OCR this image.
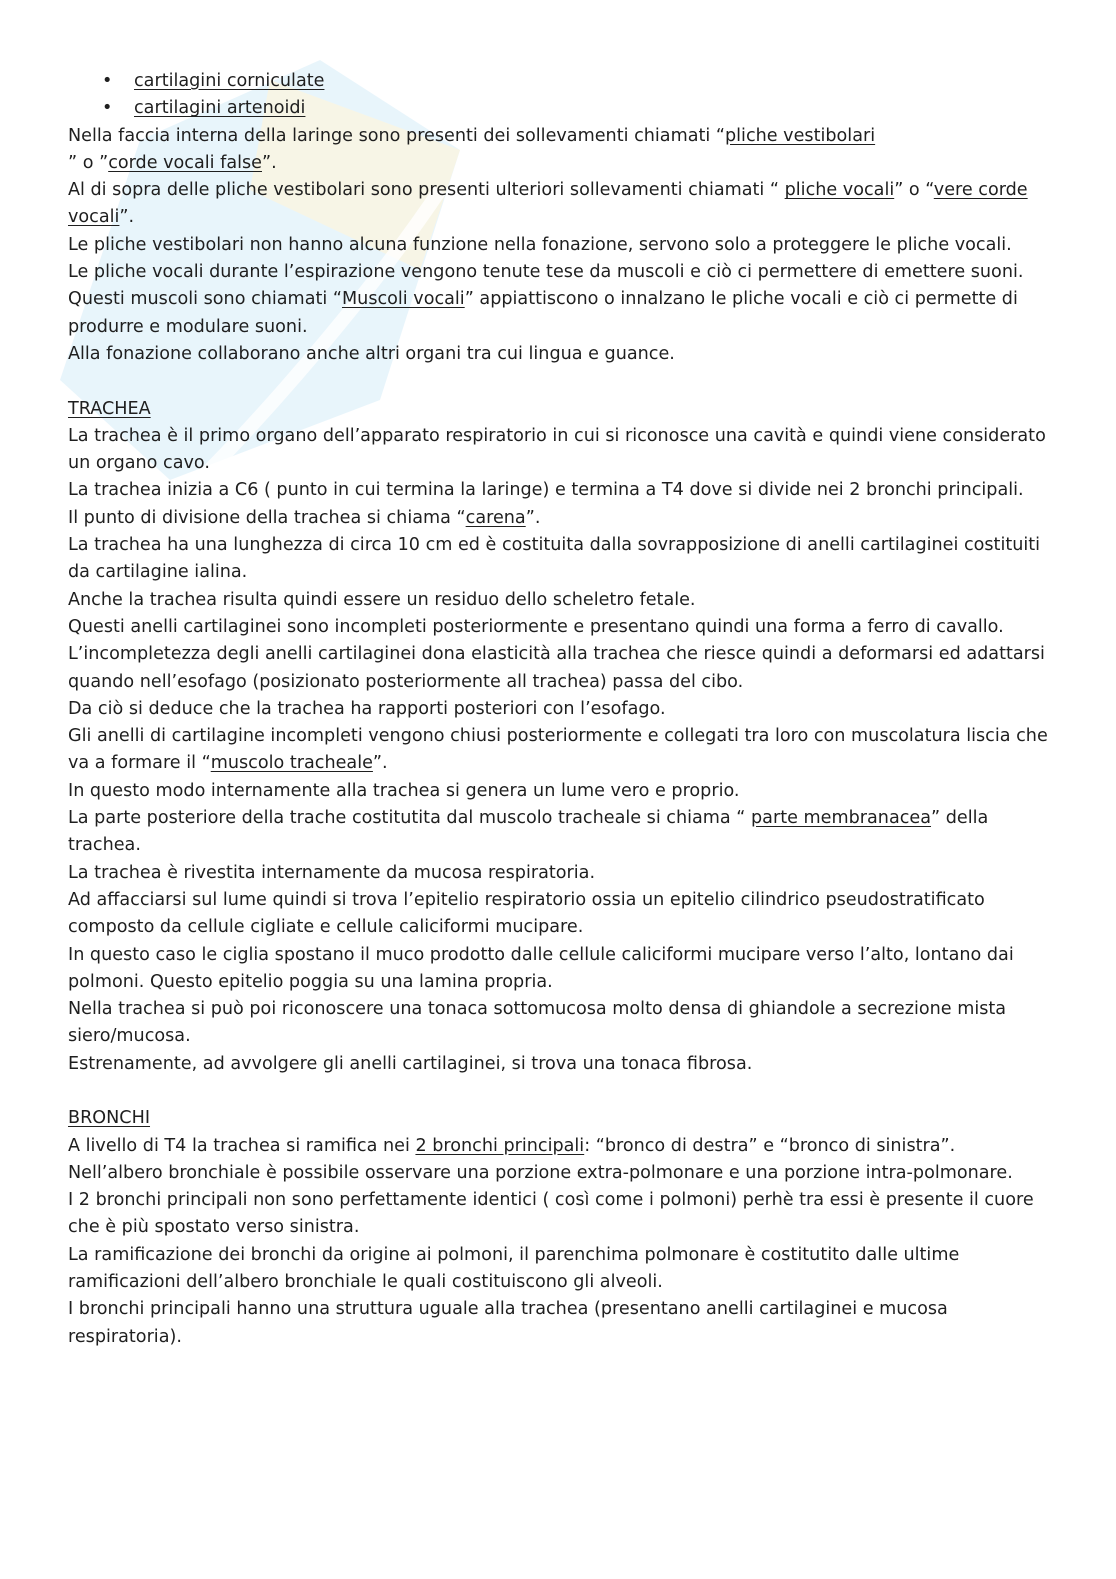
• cartilagini corniculate
• cartilagini artenoidi

Nella faccia interna della laringe sono presenti dei sollevamenti chiamati “pliche vestibolari
” o ”corde vocali false”.

Al di sopra delle pliche vestibolari sono presenti ulteriori sollevamenti chiamati “ pliche vocali” o “vere corde vocali”.

Le pliche vestibolari non hanno alcuna funzione nella fonazione, servono solo a proteggere le pliche vocali.

Le pliche vocali durante l’espirazione vengono tenute tese da muscoli e ciò ci permettere di emettere suoni.

Questi muscoli sono chiamati “Muscoli vocali” appiattiscono o innalzano le pliche vocali e ciò ci permette di produrre e modulare suoni.

Alla fonazione collaborano anche altri organi tra cui lingua e guance.

TRACHEA

La trachea è il primo organo dell’apparato respiratorio in cui si riconosce una cavità e quindi viene considerato un organo cavo.

La trachea inizia a C6 ( punto in cui termina la laringe) e termina a T4 dove si divide nei 2 bronchi principali.    Il punto di divisione della trachea si chiama “carena”.

La trachea ha una lunghezza di circa 10 cm ed è costituita dalla sovrapposizione di anelli cartilaginei costituiti da cartilagine ialina.

Anche la trachea risulta quindi essere un residuo dello scheletro fetale.

Questi anelli cartilaginei sono incompleti posteriormente e presentano quindi una forma a ferro di cavallo.

L’incompletezza degli anelli cartilaginei dona elasticità alla trachea che riesce quindi a deformarsi ed adattarsi quando nell’esofago (posizionato posteriormente all trachea) passa del cibo.

Da ciò si deduce che la trachea ha rapporti posteriori con l’esofago.

Gli anelli di cartilagine incompleti vengono chiusi posteriormente e collegati tra loro con muscolatura liscia che va a formare il “muscolo tracheale”.

In questo modo internamente alla trachea si genera un lume vero e proprio.

La parte posteriore della trache costitutita dal muscolo tracheale si chiama “ parte membranacea” della trachea.

La trachea è rivestita internamente da mucosa respiratoria.

Ad affacciarsi sul lume quindi si trova l’epitelio respiratorio ossia un epitelio cilindrico pseudostratificato composto da cellule cigliate e cellule caliciformi mucipare.

In questo caso le ciglia spostano il muco prodotto dalle cellule caliciformi mucipare verso l’alto, lontano dai polmoni. Questo epitelio poggia su una lamina propria.

Nella trachea si può poi riconoscere una tonaca sottomucosa molto densa di ghiandole a secrezione mista siero/mucosa.

Estrenamente, ad avvolgere gli anelli cartilaginei, si trova una tonaca fibrosa.

BRONCHI

A livello di T4 la trachea si ramifica nei 2 bronchi principali: “bronco di destra” e “bronco di sinistra”.

Nell’albero bronchiale è possibile osservare una porzione extra-polmonare e una porzione intra-polmonare.

I 2 bronchi principali non sono perfettamente identici ( così come i polmoni) perhè tra essi è presente il cuore che è più spostato verso sinistra.

La ramificazione dei bronchi da origine ai polmoni, il parenchima polmonare è costitutito dalle ultime ramificazioni dell’albero bronchiale le quali costituiscono gli alveoli.

I bronchi principali hanno una struttura uguale alla trachea (presentano anelli cartilaginei e mucosa respiratoria).
